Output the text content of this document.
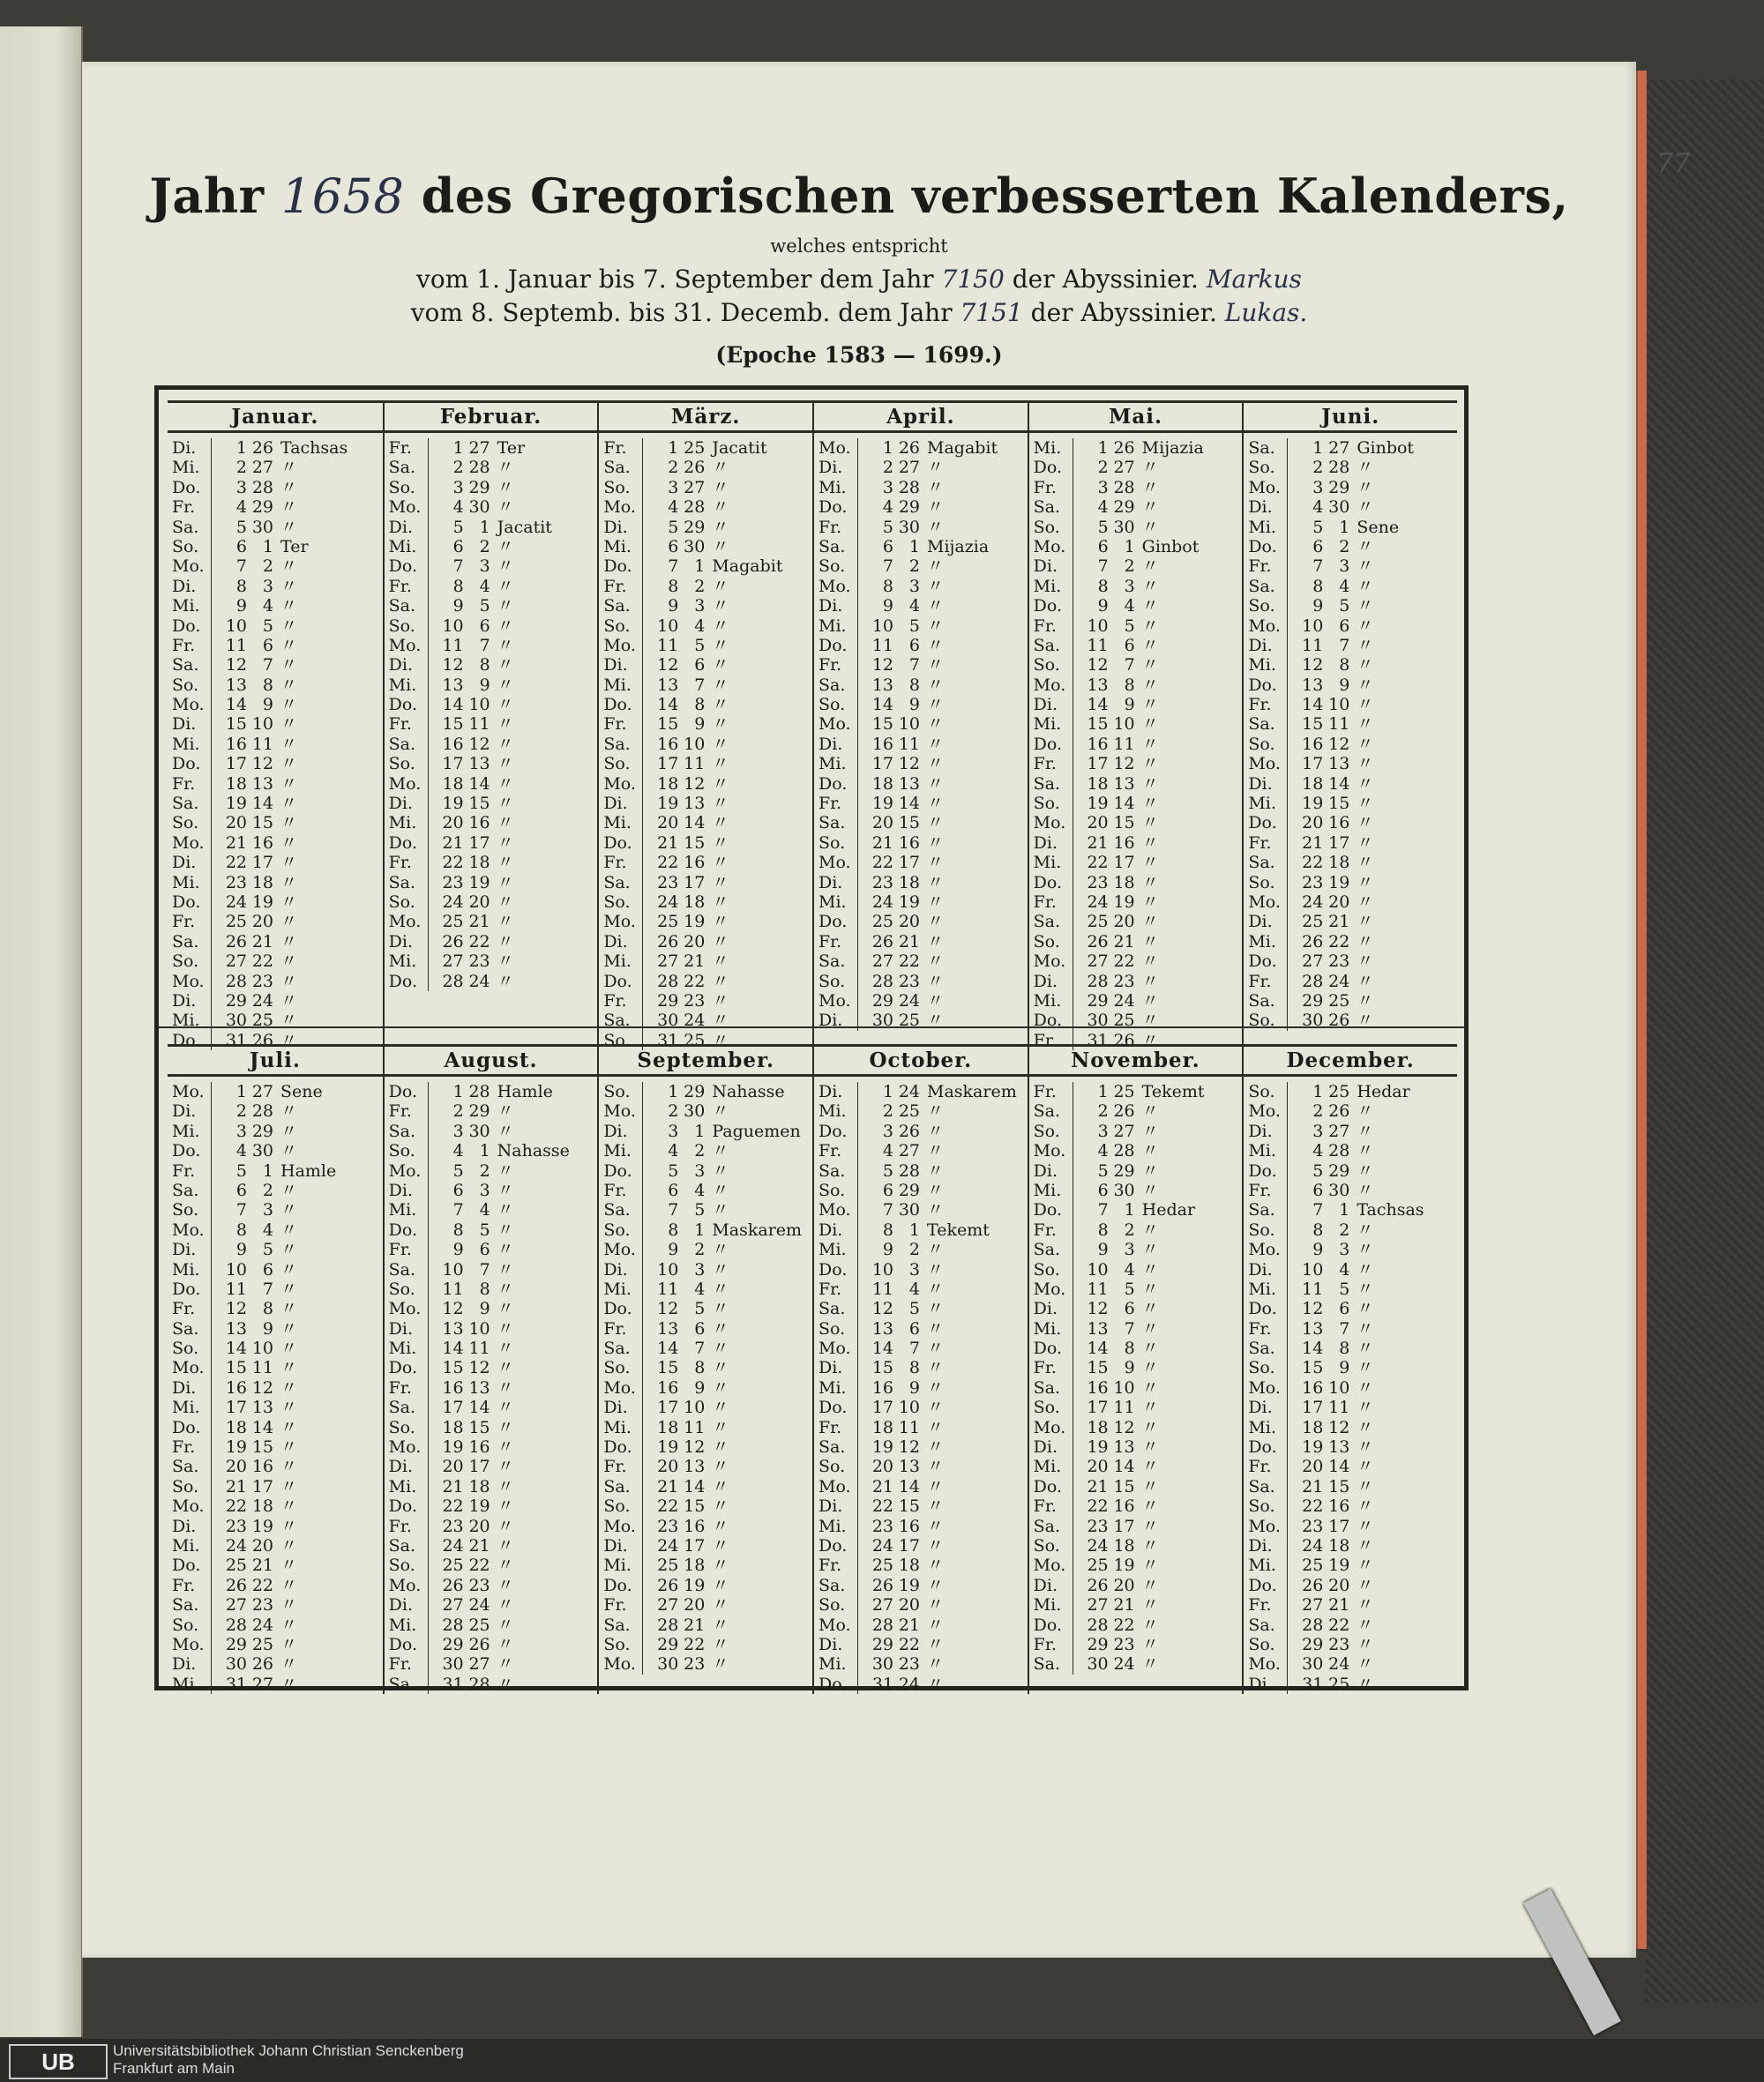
77
Jahr 1658 des Gregorischen verbesserten Kalenders,
welches entspricht
vom 1. Januar bis 7. September dem Jahr 7150 der Abyssinier. Markus
vom 8. Septemb. bis 31. Decemb. dem Jahr 7151 der Abyssinier. Lukas.
(Epoche 1583 — 1699.)
Januar.
Di.	1 26 Tachsas
Mi.	2 27 〃
Do.	3 28 〃
Fr.	4 29 〃
Sa.	5 30 〃
So.	6 1 Ter
Mo.	7 2 〃
Di.	8 3 〃
Mi.	9 4 〃
Do.	10 5 〃
Fr.	11 6 〃
Sa.	12 7 〃
So.	13 8 〃
Mo.	14 9 〃
Di.	15 10 〃
Mi.	16 11 〃
Do.	17 12 〃
Fr.	18 13 〃
Sa.	19 14 〃
So.	20 15 〃
Mo.	21 16 〃
Di.	22 17 〃
Mi.	23 18 〃
Do.	24 19 〃
Fr.	25 20 〃
Sa.	26 21 〃
So.	27 22 〃
Mo.	28 23 〃
Di.	29 24 〃
Mi.	30 25 〃
Do.	31 26 〃
Februar.
Fr.	1 27 Ter
Sa.	2 28 〃
So.	3 29 〃
Mo.	4 30 〃
Di.	5 1 Jacatit
Mi.	6 2 〃
Do.	7 3 〃
Fr.	8 4 〃
Sa.	9 5 〃
So.	10 6 〃
Mo.	11 7 〃
Di.	12 8 〃
Mi.	13 9 〃
Do.	14 10 〃
Fr.	15 11 〃
Sa.	16 12 〃
So.	17 13 〃
Mo.	18 14 〃
Di.	19 15 〃
Mi.	20 16 〃
Do.	21 17 〃
Fr.	22 18 〃
Sa.	23 19 〃
So.	24 20 〃
Mo.	25 21 〃
Di.	26 22 〃
Mi.	27 23 〃
Do.	28 24 〃
März.
Fr.	1 25 Jacatit
Sa.	2 26 〃
So.	3 27 〃
Mo.	4 28 〃
Di.	5 29 〃
Mi.	6 30 〃
Do.	7 1 Magabit
Fr.	8 2 〃
Sa.	9 3 〃
So.	10 4 〃
Mo.	11 5 〃
Di.	12 6 〃
Mi.	13 7 〃
Do.	14 8 〃
Fr.	15 9 〃
Sa.	16 10 〃
So.	17 11 〃
Mo.	18 12 〃
Di.	19 13 〃
Mi.	20 14 〃
Do.	21 15 〃
Fr.	22 16 〃
Sa.	23 17 〃
So.	24 18 〃
Mo.	25 19 〃
Di.	26 20 〃
Mi.	27 21 〃
Do.	28 22 〃
Fr.	29 23 〃
Sa.	30 24 〃
So.	31 25 〃
April.
Mo.	1 26 Magabit
Di.	2 27 〃
Mi.	3 28 〃
Do.	4 29 〃
Fr.	5 30 〃
Sa.	6 1 Mijazia
So.	7 2 〃
Mo.	8 3 〃
Di.	9 4 〃
Mi.	10 5 〃
Do.	11 6 〃
Fr.	12 7 〃
Sa.	13 8 〃
So.	14 9 〃
Mo.	15 10 〃
Di.	16 11 〃
Mi.	17 12 〃
Do.	18 13 〃
Fr.	19 14 〃
Sa.	20 15 〃
So.	21 16 〃
Mo.	22 17 〃
Di.	23 18 〃
Mi.	24 19 〃
Do.	25 20 〃
Fr.	26 21 〃
Sa.	27 22 〃
So.	28 23 〃
Mo.	29 24 〃
Di.	30 25 〃
Mai.
Mi.	1 26 Mijazia
Do.	2 27 〃
Fr.	3 28 〃
Sa.	4 29 〃
So.	5 30 〃
Mo.	6 1 Ginbot
Di.	7 2 〃
Mi.	8 3 〃
Do.	9 4 〃
Fr.	10 5 〃
Sa.	11 6 〃
So.	12 7 〃
Mo.	13 8 〃
Di.	14 9 〃
Mi.	15 10 〃
Do.	16 11 〃
Fr.	17 12 〃
Sa.	18 13 〃
So.	19 14 〃
Mo.	20 15 〃
Di.	21 16 〃
Mi.	22 17 〃
Do.	23 18 〃
Fr.	24 19 〃
Sa.	25 20 〃
So.	26 21 〃
Mo.	27 22 〃
Di.	28 23 〃
Mi.	29 24 〃
Do.	30 25 〃
Fr.	31 26 〃
Juni.
Sa.	1 27 Ginbot
So.	2 28 〃
Mo.	3 29 〃
Di.	4 30 〃
Mi.	5 1 Sene
Do.	6 2 〃
Fr.	7 3 〃
Sa.	8 4 〃
So.	9 5 〃
Mo.	10 6 〃
Di.	11 7 〃
Mi.	12 8 〃
Do.	13 9 〃
Fr.	14 10 〃
Sa.	15 11 〃
So.	16 12 〃
Mo.	17 13 〃
Di.	18 14 〃
Mi.	19 15 〃
Do.	20 16 〃
Fr.	21 17 〃
Sa.	22 18 〃
So.	23 19 〃
Mo.	24 20 〃
Di.	25 21 〃
Mi.	26 22 〃
Do.	27 23 〃
Fr.	28 24 〃
Sa.	29 25 〃
So.	30 26 〃
Juli.
Mo.	1 27 Sene
Di.	2 28 〃
Mi.	3 29 〃
Do.	4 30 〃
Fr.	5 1 Hamle
Sa.	6 2 〃
So.	7 3 〃
Mo.	8 4 〃
Di.	9 5 〃
Mi.	10 6 〃
Do.	11 7 〃
Fr.	12 8 〃
Sa.	13 9 〃
So.	14 10 〃
Mo.	15 11 〃
Di.	16 12 〃
Mi.	17 13 〃
Do.	18 14 〃
Fr.	19 15 〃
Sa.	20 16 〃
So.	21 17 〃
Mo.	22 18 〃
Di.	23 19 〃
Mi.	24 20 〃
Do.	25 21 〃
Fr.	26 22 〃
Sa.	27 23 〃
So.	28 24 〃
Mo.	29 25 〃
Di.	30 26 〃
Mi.	31 27 〃
August.
Do.	1 28 Hamle
Fr.	2 29 〃
Sa.	3 30 〃
So.	4 1 Nahasse
Mo.	5 2 〃
Di.	6 3 〃
Mi.	7 4 〃
Do.	8 5 〃
Fr.	9 6 〃
Sa.	10 7 〃
So.	11 8 〃
Mo.	12 9 〃
Di.	13 10 〃
Mi.	14 11 〃
Do.	15 12 〃
Fr.	16 13 〃
Sa.	17 14 〃
So.	18 15 〃
Mo.	19 16 〃
Di.	20 17 〃
Mi.	21 18 〃
Do.	22 19 〃
Fr.	23 20 〃
Sa.	24 21 〃
So.	25 22 〃
Mo.	26 23 〃
Di.	27 24 〃
Mi.	28 25 〃
Do.	29 26 〃
Fr.	30 27 〃
Sa.	31 28 〃
September.
So.	1 29 Nahasse
Mo.	2 30 〃
Di.	3 1 Paguemen
Mi.	4 2 〃
Do.	5 3 〃
Fr.	6 4 〃
Sa.	7 5 〃
So.	8 1 Maskarem
Mo.	9 2 〃
Di.	10 3 〃
Mi.	11 4 〃
Do.	12 5 〃
Fr.	13 6 〃
Sa.	14 7 〃
So.	15 8 〃
Mo.	16 9 〃
Di.	17 10 〃
Mi.	18 11 〃
Do.	19 12 〃
Fr.	20 13 〃
Sa.	21 14 〃
So.	22 15 〃
Mo.	23 16 〃
Di.	24 17 〃
Mi.	25 18 〃
Do.	26 19 〃
Fr.	27 20 〃
Sa.	28 21 〃
So.	29 22 〃
Mo.	30 23 〃
October.
Di.	1 24 Maskarem
Mi.	2 25 〃
Do.	3 26 〃
Fr.	4 27 〃
Sa.	5 28 〃
So.	6 29 〃
Mo.	7 30 〃
Di.	8 1 Tekemt
Mi.	9 2 〃
Do.	10 3 〃
Fr.	11 4 〃
Sa.	12 5 〃
So.	13 6 〃
Mo.	14 7 〃
Di.	15 8 〃
Mi.	16 9 〃
Do.	17 10 〃
Fr.	18 11 〃
Sa.	19 12 〃
So.	20 13 〃
Mo.	21 14 〃
Di.	22 15 〃
Mi.	23 16 〃
Do.	24 17 〃
Fr.	25 18 〃
Sa.	26 19 〃
So.	27 20 〃
Mo.	28 21 〃
Di.	29 22 〃
Mi.	30 23 〃
Do.	31 24 〃
November.
Fr.	1 25 Tekemt
Sa.	2 26 〃
So.	3 27 〃
Mo.	4 28 〃
Di.	5 29 〃
Mi.	6 30 〃
Do.	7 1 Hedar
Fr.	8 2 〃
Sa.	9 3 〃
So.	10 4 〃
Mo.	11 5 〃
Di.	12 6 〃
Mi.	13 7 〃
Do.	14 8 〃
Fr.	15 9 〃
Sa.	16 10 〃
So.	17 11 〃
Mo.	18 12 〃
Di.	19 13 〃
Mi.	20 14 〃
Do.	21 15 〃
Fr.	22 16 〃
Sa.	23 17 〃
So.	24 18 〃
Mo.	25 19 〃
Di.	26 20 〃
Mi.	27 21 〃
Do.	28 22 〃
Fr.	29 23 〃
Sa.	30 24 〃
December.
So.	1 25 Hedar
Mo.	2 26 〃
Di.	3 27 〃
Mi.	4 28 〃
Do.	5 29 〃
Fr.	6 30 〃
Sa.	7 1 Tachsas
So.	8 2 〃
Mo.	9 3 〃
Di.	10 4 〃
Mi.	11 5 〃
Do.	12 6 〃
Fr.	13 7 〃
Sa.	14 8 〃
So.	15 9 〃
Mo.	16 10 〃
Di.	17 11 〃
Mi.	18 12 〃
Do.	19 13 〃
Fr.	20 14 〃
Sa.	21 15 〃
So.	22 16 〃
Mo.	23 17 〃
Di.	24 18 〃
Mi.	25 19 〃
Do.	26 20 〃
Fr.	27 21 〃
Sa.	28 22 〃
So.	29 23 〃
Mo.	30 24 〃
Di.	31 25 〃
UB	Universitätsbibliothek Johann Christian Senckenberg
Frankfurt am Main
